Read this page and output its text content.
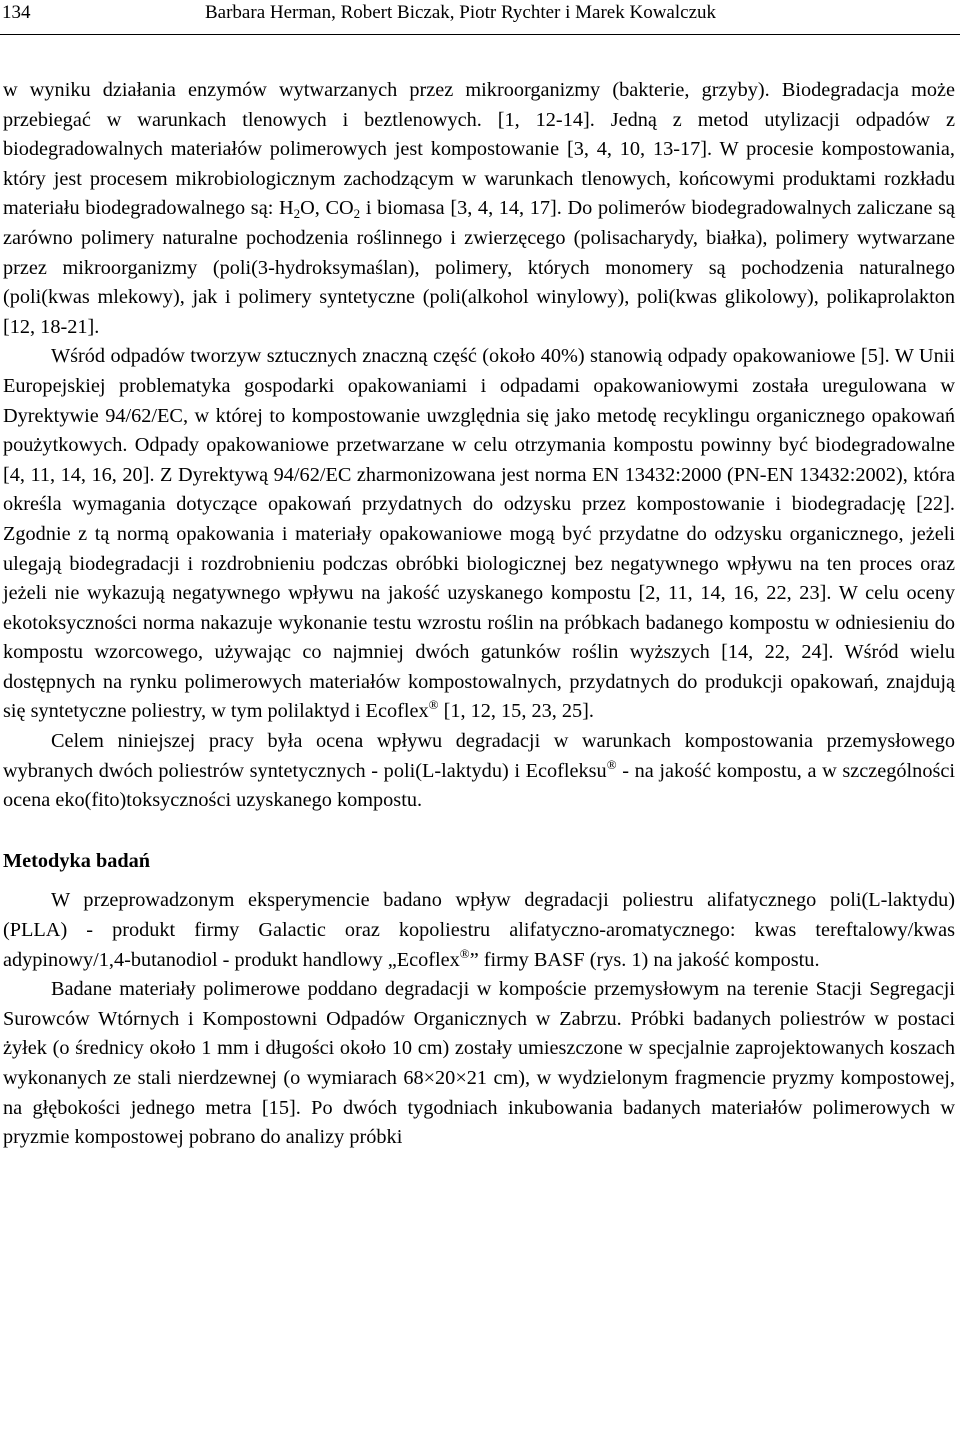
134	Barbara Herman, Robert Biczak, Piotr Rychter i Marek Kowalczuk

w wyniku działania enzymów wytwarzanych przez mikroorganizmy (bakterie, grzyby). Biodegradacja może przebiegać w warunkach tlenowych i beztlenowych. [1, 12-14]. Jedną z metod utylizacji odpadów z biodegradowalnych materiałów polimerowych jest kompostowanie [3, 4, 10, 13-17]. W procesie kompostowania, który jest procesem mikrobiologicznym zachodzącym w warunkach tlenowych, końcowymi produktami rozkładu materiału biodegradowalnego są: $H_2O$, $CO_2$ i biomasa [3, 4, 14, 17]. Do polimerów biodegradowalnych zaliczane są zarówno polimery naturalne pochodzenia roślinnego i zwierzęcego (polisacharydy, białka), polimery wytwarzane przez mikroorganizmy (poli(3-hydroksymaślan), polimery, których monomery są pochodzenia naturalnego (poli(kwas mlekowy), jak i polimery syntetyczne (poli(alkohol winylowy), poli(kwas glikolowy), polikaprolakton [12, 18-21].

Wśród odpadów tworzyw sztucznych znaczną część (około 40%) stanowią odpady opakowaniowe [5]. W Unii Europejskiej problematyka gospodarki opakowaniami i odpadami opakowaniowymi została uregulowana w Dyrektywie 94/62/EC, w której to kompostowanie uwzględnia się jako metodę recyklingu organicznego opakowań poużytkowych. Odpady opakowaniowe przetwarzane w celu otrzymania kompostu powinny być biodegradowalne [4, 11, 14, 16, 20]. Z Dyrektywą 94/62/EC zharmonizowana jest norma EN 13432:2000 (PN-EN 13432:2002), która określa wymagania dotyczące opakowań przydatnych do odzysku przez kompostowanie i biodegradację [22]. Zgodnie z tą normą opakowania i materiały opakowaniowe mogą być przydatne do odzysku organicznego, jeżeli ulegają biodegradacji i rozdrobnieniu podczas obróbki biologicznej bez negatywnego wpływu na ten proces oraz jeżeli nie wykazują negatywnego wpływu na jakość uzyskanego kompostu [2, 11, 14, 16, 22, 23]. W celu oceny ekotoksyczności norma nakazuje wykonanie testu wzrostu roślin na próbkach badanego kompostu w odniesieniu do kompostu wzorcowego, używając co najmniej dwóch gatunków roślin wyższych [14, 22, 24]. Wśród wielu dostępnych na rynku polimerowych materiałów kompostowalnych, przydatnych do produkcji opakowań, znajdują się syntetyczne poliestry, w tym polilaktyd i Ecoflex® [1, 12, 15, 23, 25].

Celem niniejszej pracy była ocena wpływu degradacji w warunkach kompostowania przemysłowego wybranych dwóch poliestrów syntetycznych - poli(L-laktydu) i Ecofleksu® - na jakość kompostu, a w szczególności ocena eko(fito)toksyczności uzyskanego kompostu.

Metodyka badań

W przeprowadzonym eksperymencie badano wpływ degradacji poliestru alifatycznego poli(L-laktydu) (PLLA) - produkt firmy Galactic oraz kopoliestru alifatyczno-aromatycznego: kwas tereftalowy/kwas adypinowy/1,4-butanodiol - produkt handlowy „Ecoflex®” firmy BASF (rys. 1) na jakość kompostu.

Badane materiały polimerowe poddano degradacji w kompoście przemysłowym na terenie Stacji Segregacji Surowców Wtórnych i Kompostowni Odpadów Organicznych w Zabrzu. Próbki badanych poliestrów w postaci żyłek (o średnicy około 1 mm i długości około 10 cm) zostały umieszczone w specjalnie zaprojektowanych koszach wykonanych ze stali nierdzewnej (o wymiarach 68×20×21 cm), w wydzielonym fragmencie pryzmy kompostowej, na głębokości jednego metra [15]. Po dwóch tygodniach inkubowania badanych materiałów polimerowych w pryzmie kompostowej pobrano do analizy próbki
